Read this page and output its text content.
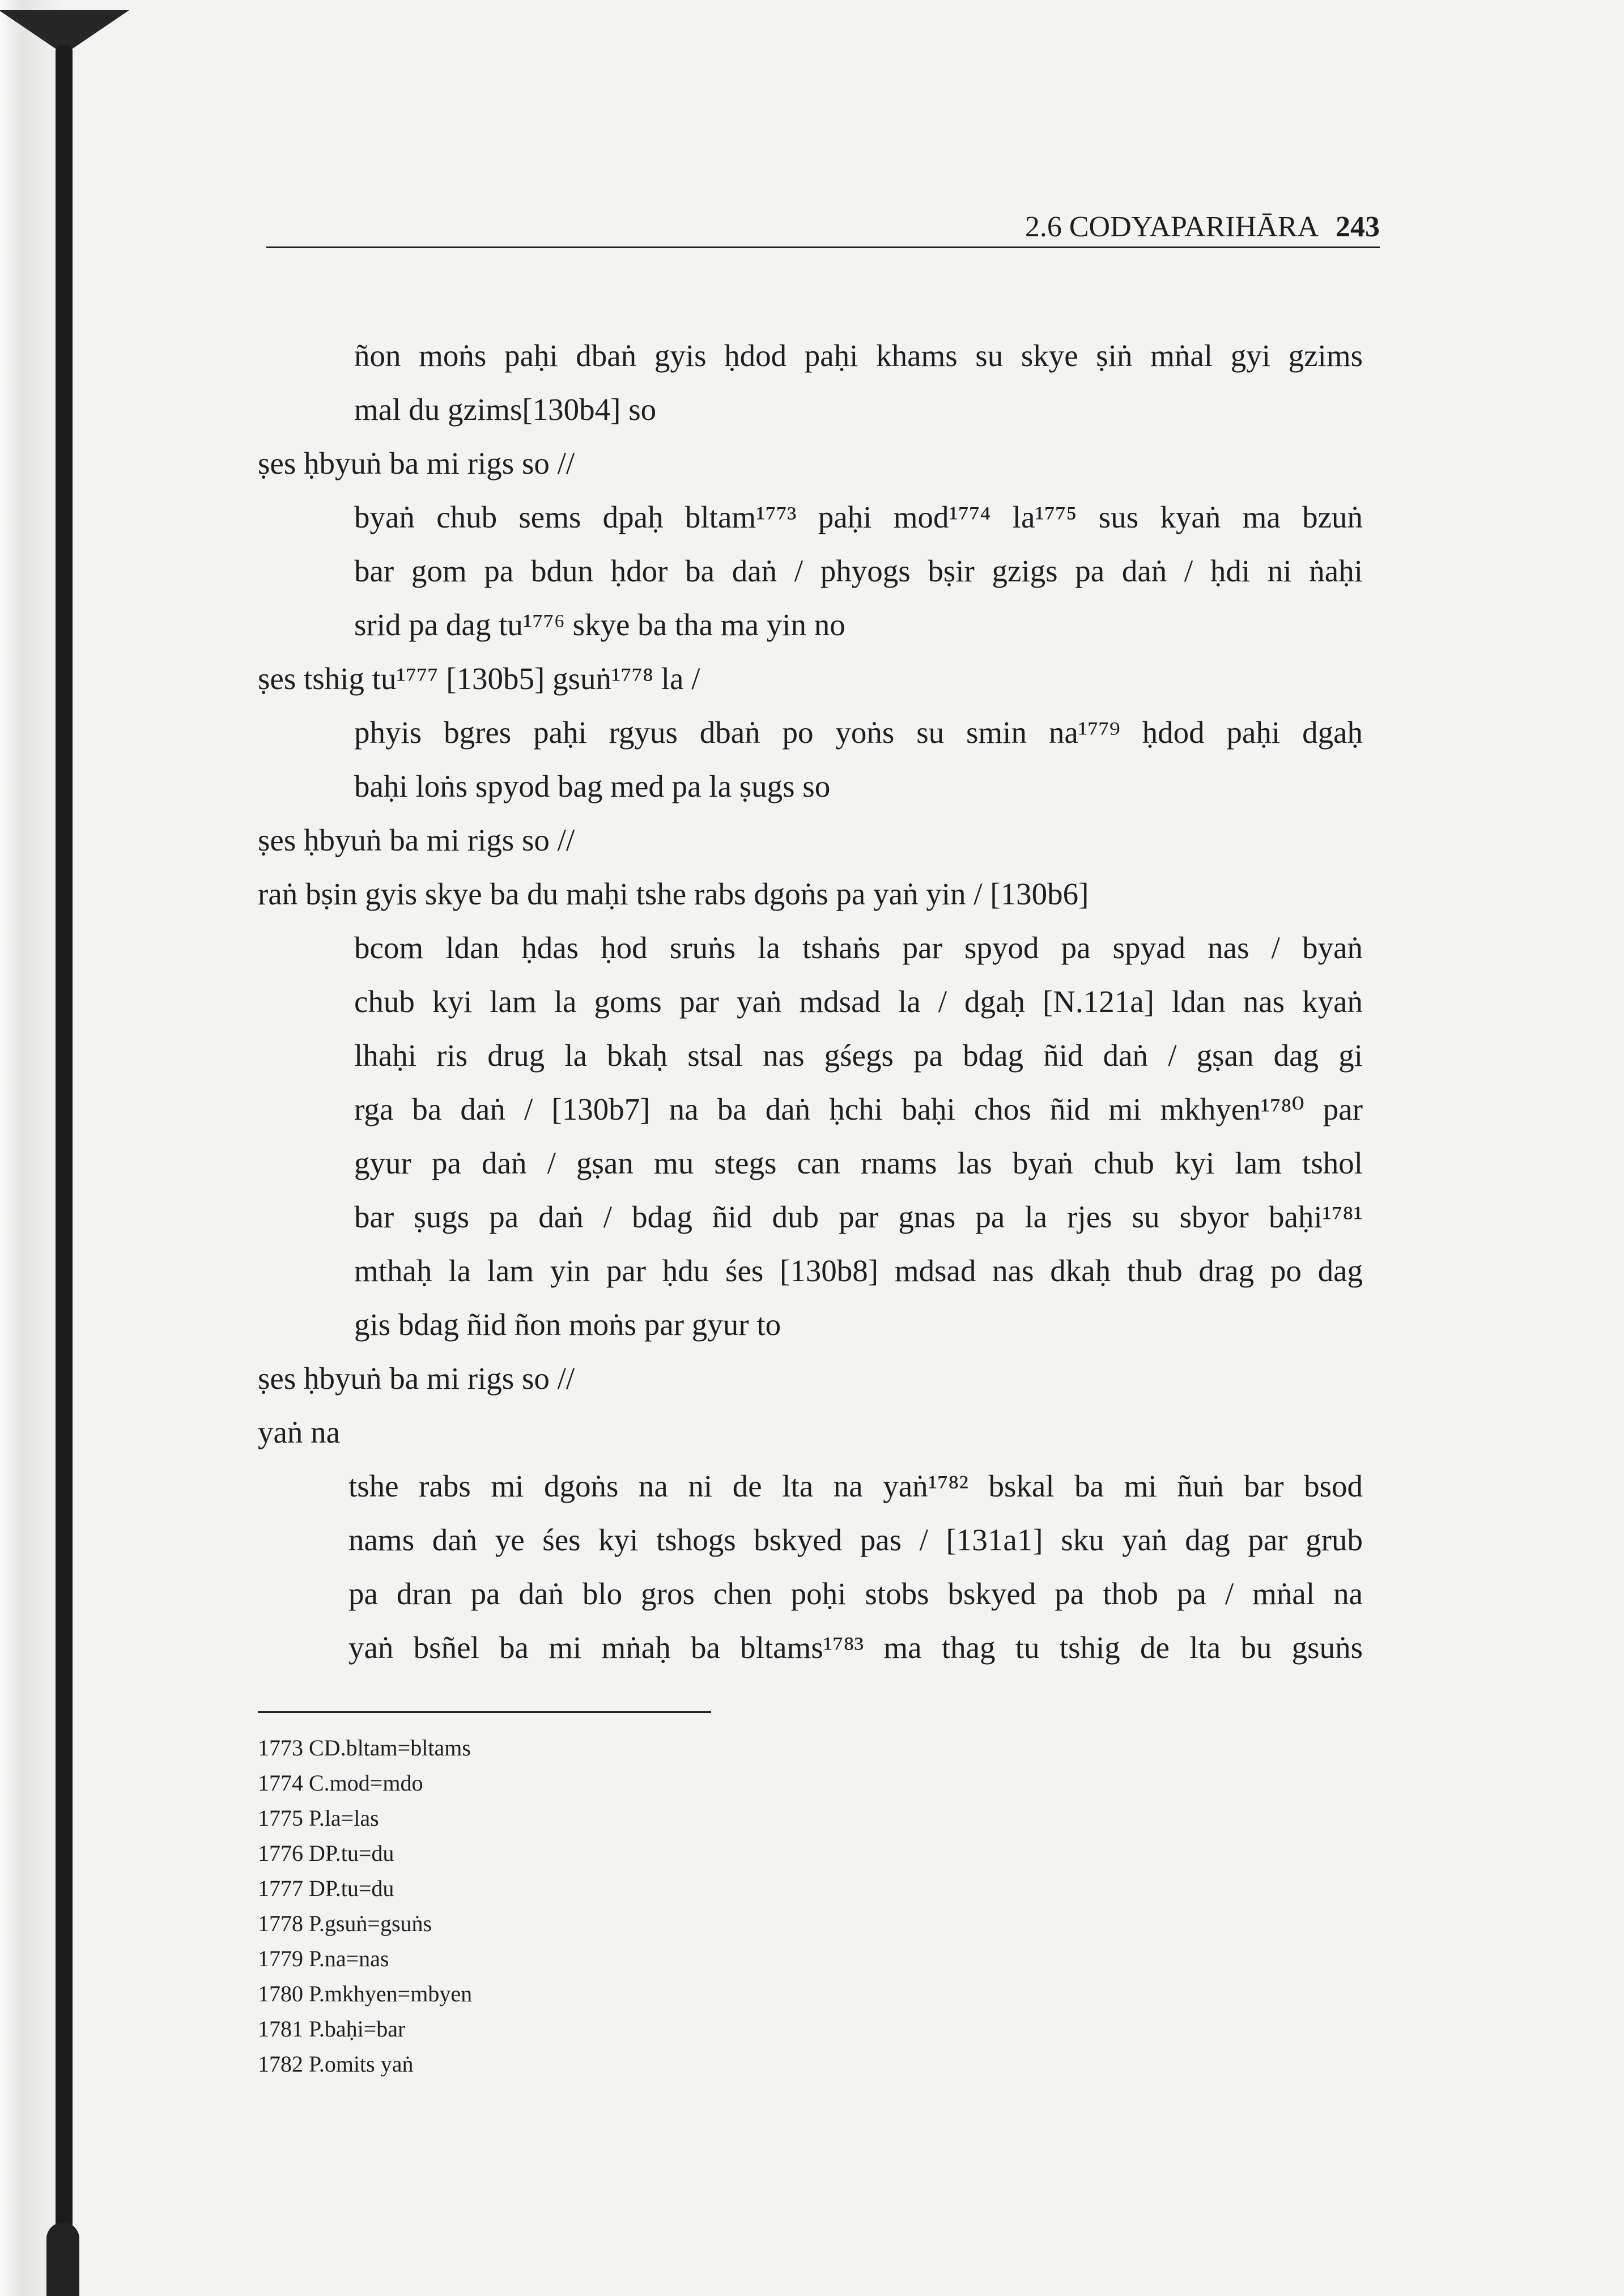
2.6 CODYAPARIHĀRA 243
ñon moṅs paḥi dbaṅ gyis ḥdod paḥi khams su skye ṣiṅ mṅal gyi gzims
mal du gzims[130b4] so
ṣes ḥbyuṅ ba mi rigs so //
byaṅ chub sems dpaḥ bltam¹⁷⁷³ paḥi mod¹⁷⁷⁴ la¹⁷⁷⁵ sus kyaṅ ma bzuṅ
bar gom pa bdun ḥdor ba daṅ / phyogs bṣir gzigs pa daṅ / ḥdi ni ṅaḥi
srid pa dag tu¹⁷⁷⁶ skye ba tha ma yin no
ṣes tshig tu¹⁷⁷⁷ [130b5] gsuṅ¹⁷⁷⁸ la /
phyis bgres paḥi rgyus dbaṅ po yoṅs su smin na¹⁷⁷⁹ ḥdod paḥi dgaḥ
baḥi loṅs spyod bag med pa la ṣugs so
ṣes ḥbyuṅ ba mi rigs so //
raṅ bṣin gyis skye ba du maḥi tshe rabs dgoṅs pa yaṅ yin / [130b6]
bcom ldan ḥdas ḥod sruṅs la tshaṅs par spyod pa spyad nas / byaṅ
chub kyi lam la goms par yaṅ mdsad la / dgaḥ [N.121a] ldan nas kyaṅ
lhaḥi ris drug la bkaḥ stsal nas gśegs pa bdag ñid daṅ / gṣan dag gi
rga ba daṅ / [130b7] na ba daṅ ḥchi baḥi chos ñid mi mkhyen¹⁷⁸⁰ par
gyur pa daṅ / gṣan mu stegs can rnams las byaṅ chub kyi lam tshol
bar ṣugs pa daṅ / bdag ñid dub par gnas pa la rjes su sbyor baḥi¹⁷⁸¹
mthaḥ la lam yin par ḥdu śes [130b8] mdsad nas dkaḥ thub drag po dag
gis bdag ñid ñon moṅs par gyur to
ṣes ḥbyuṅ ba mi rigs so //
yaṅ na
tshe rabs mi dgoṅs na ni de lta na yaṅ¹⁷⁸² bskal ba mi ñuṅ bar bsod
nams daṅ ye śes kyi tshogs bskyed pas / [131a1] sku yaṅ dag par grub
pa dran pa daṅ blo gros chen poḥi stobs bskyed pa thob pa / mṅal na
yaṅ bsñel ba mi mṅaḥ ba bltams¹⁷⁸³ ma thag tu tshig de lta bu gsuṅs
1773 CD.bltam=bltams
1774 C.mod=mdo
1775 P.la=las
1776 DP.tu=du
1777 DP.tu=du
1778 P.gsuṅ=gsuṅs
1779 P.na=nas
1780 P.mkhyen=mbyen
1781 P.baḥi=bar
1782 P.omits yaṅ
